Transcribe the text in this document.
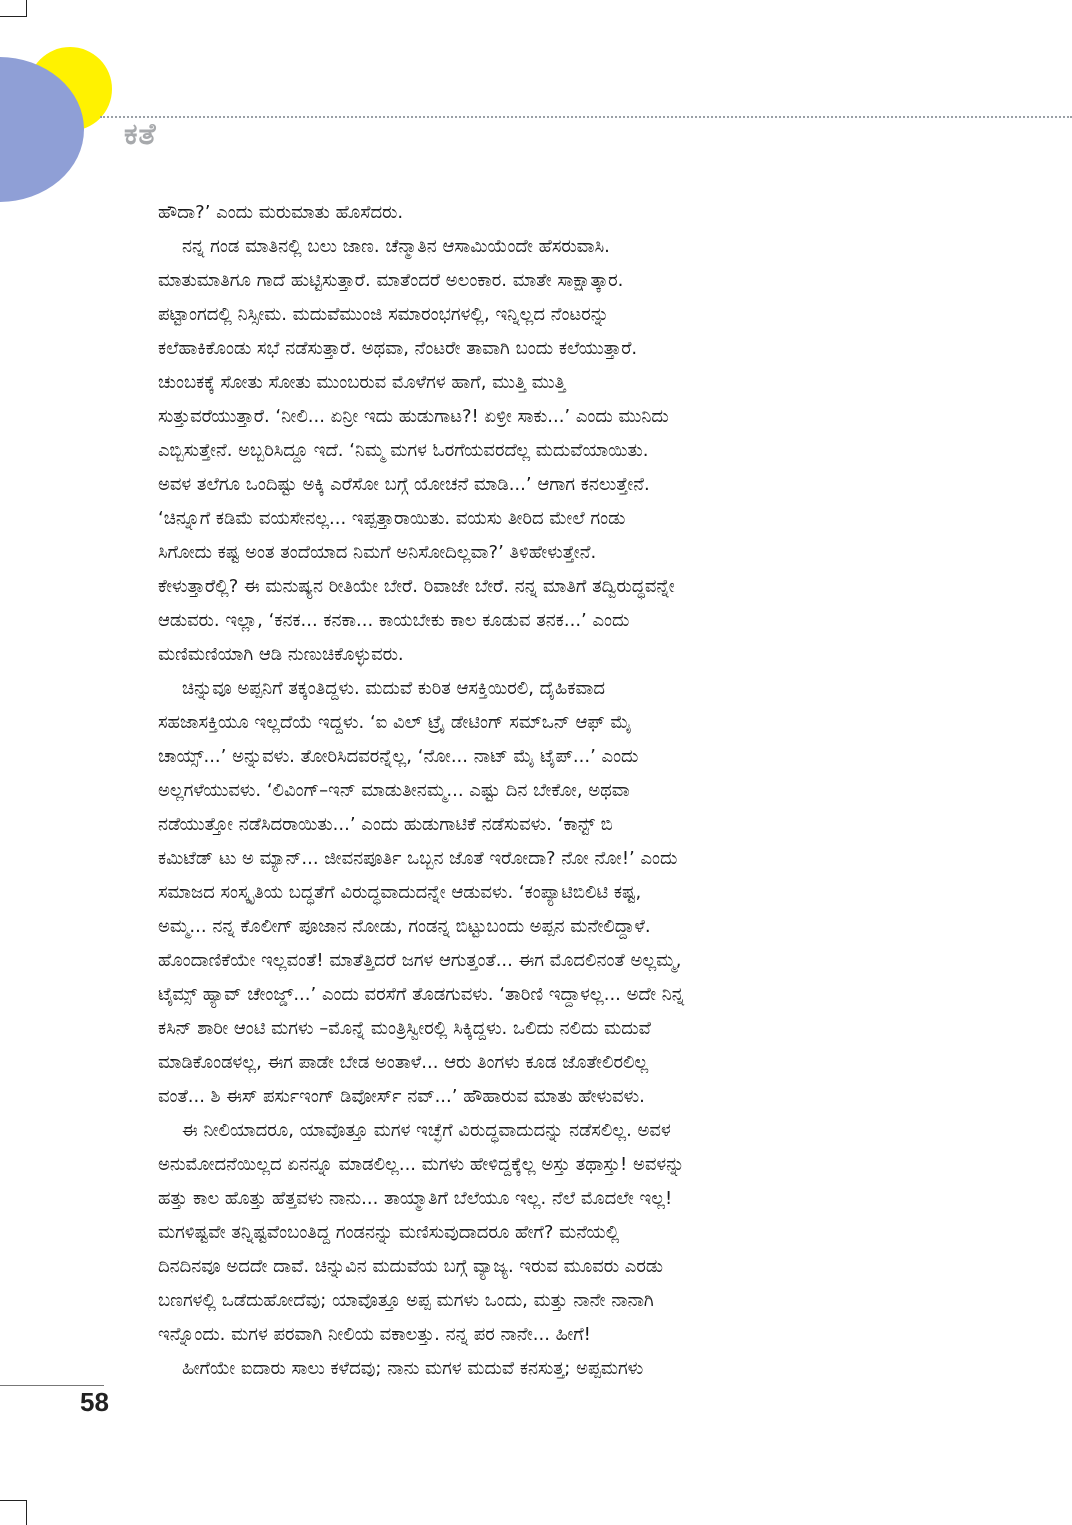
ಕತೆ
ಹೌದಾ?’ ಎಂದು ಮರುಮಾತು ಹೊಸೆದರು.
ನನ್ನ ಗಂಡ ಮಾತಿನಲ್ಲಿ ಬಲು ಜಾಣ. ಚೆನ್ಮಾತಿನ ಆಸಾಮಿಯೆಂದೇ ಹೆಸರುವಾಸಿ.
ಮಾತುಮಾತಿಗೂ ಗಾದೆ ಹುಟ್ಟಿಸುತ್ತಾರೆ. ಮಾತೆಂದರೆ ಅಲಂಕಾರ. ಮಾತೇ ಸಾಕ್ಷಾತ್ಕಾರ.
ಪಟ್ಟಾಂಗದಲ್ಲಿ ನಿಸ್ಸೀಮ. ಮದುವೆಮುಂಜಿ ಸಮಾರಂಭಗಳಲ್ಲಿ, ಇನ್ನಿಲ್ಲದ ನೆಂಟರನ್ನು
ಕಲೆಹಾಕಿಕೊಂಡು ಸಭೆ ನಡೆಸುತ್ತಾರೆ. ಅಥವಾ, ನೆಂಟರೇ ತಾವಾಗಿ ಬಂದು ಕಲೆಯುತ್ತಾರೆ.
ಚುಂಬಕಕ್ಕೆ ಸೋತು ಸೋತು ಮುಂಬರುವ ಮೊಳೆಗಳ ಹಾಗೆ, ಮುತ್ತಿ ಮುತ್ತಿ
ಸುತ್ತುವರೆಯುತ್ತಾರೆ. ‘ನೀಲಿ... ಏನ್ರೀ ಇದು ಹುಡುಗಾಟ?! ಏಳ್ರೀ ಸಾಕು...’ ಎಂದು ಮುನಿದು
ಎಬ್ಬಿಸುತ್ತೇನೆ. ಅಬ್ಬರಿಸಿದ್ದೂ ಇದೆ. ‘ನಿಮ್ಮ ಮಗಳ ಓರಗೆಯವರದೆಲ್ಲ ಮದುವೆಯಾಯಿತು.
ಅವಳ ತಲೆಗೂ ಒಂದಿಷ್ಟು ಅಕ್ಕಿ ಎರೆಸೋ ಬಗ್ಗೆ ಯೋಚನೆ ಮಾಡಿ...’ ಆಗಾಗ ಕನಲುತ್ತೇನೆ.
‘ಚಿನ್ನೂಗೆ ಕಡಿಮೆ ವಯಸೇನಲ್ಲ... ಇಪ್ಪತ್ತಾರಾಯಿತು. ವಯಸು ತೀರಿದ ಮೇಲೆ ಗಂಡು
ಸಿಗೋದು ಕಷ್ಟ ಅಂತ ತಂದೆಯಾದ ನಿಮಗೆ ಅನಿಸೋದಿಲ್ಲವಾ?’ ತಿಳಿಹೇಳುತ್ತೇನೆ.
ಕೇಳುತ್ತಾರೆಲ್ಲಿ? ಈ ಮನುಷ್ಯನ ರೀತಿಯೇ ಬೇರೆ. ರಿವಾಜೇ ಬೇರೆ. ನನ್ನ ಮಾತಿಗೆ ತದ್ವಿರುದ್ಧವನ್ನೇ
ಆಡುವರು. ಇಲ್ಲಾ, ‘ಕನಕ... ಕನಕಾ... ಕಾಯಬೇಕು ಕಾಲ ಕೂಡುವ ತನಕ...’ ಎಂದು
ಮಣಿಮಣಿಯಾಗಿ ಆಡಿ ನುಣುಚಿಕೊಳ್ಳುವರು.
ಚಿನ್ನುವೂ ಅಪ್ಪನಿಗೆ ತಕ್ಕಂತಿದ್ದಳು. ಮದುವೆ ಕುರಿತ ಆಸಕ್ತಿಯಿರಲಿ, ದೈಹಿಕವಾದ
ಸಹಜಾಸಕ್ತಿಯೂ ಇಲ್ಲದೆಯೆ ಇದ್ದಳು. ‘ಐ ವಿಲ್ ಟ್ರೈ ಡೇಟಿಂಗ್ ಸಮ್‌ಒನ್ ಆಫ್ ಮೈ
ಚಾಯ್ಸ್...’ ಅನ್ನುವಳು. ತೋರಿಸಿದವರನ್ನೆಲ್ಲ, ‘ನೋ... ನಾಟ್ ಮೈ ಟೈಪ್...’ ಎಂದು
ಅಲ್ಲಗಳೆಯುವಳು. ‘ಲಿವಿಂಗ್–ಇನ್ ಮಾಡುತೀನಮ್ಮ... ಎಷ್ಟು ದಿನ ಬೇಕೋ, ಅಥವಾ
ನಡೆಯುತ್ತೋ ನಡೆಸಿದರಾಯಿತು...’ ಎಂದು ಹುಡುಗಾಟಿಕೆ ನಡೆಸುವಳು. ‘ಕಾನ್ಟ್ ಬಿ
ಕಮಿಟೆಡ್ ಟು ಅ ಮ್ಯಾನ್... ಜೀವನಪೂರ್ತಿ ಒಬ್ಬನ ಜೊತೆ ಇರೋದಾ? ನೋ ನೋ!’ ಎಂದು
ಸಮಾಜದ ಸಂಸ್ಕೃತಿಯ ಬದ್ಧತೆಗೆ ವಿರುದ್ಧವಾದುದನ್ನೇ ಆಡುವಳು. ‘ಕಂಪ್ಯಾಟಿಬಿಲಿಟಿ ಕಷ್ಟ,
ಅಮ್ಮ... ನನ್ನ ಕೊಲೀಗ್ ಪೂಜಾನ ನೋಡು, ಗಂಡನ್ನ ಬಿಟ್ಟುಬಂದು ಅಪ್ಪನ ಮನೇಲಿದ್ದಾಳೆ.
ಹೊಂದಾಣಿಕೆಯೇ ಇಲ್ಲವಂತೆ! ಮಾತೆತ್ತಿದರೆ ಜಗಳ ಆಗುತ್ತಂತೆ... ಈಗ ಮೊದಲಿನಂತೆ ಅಲ್ಲಮ್ಮ,
ಟೈಮ್ಸ್ ಹ್ಯಾವ್ ಚೇಂಜ್ಡ್...’ ಎಂದು ವರಸೆಗೆ ತೊಡಗುವಳು. ‘ತಾರಿಣಿ ಇದ್ದಾಳಲ್ಲ... ಅದೇ ನಿನ್ನ
ಕಸಿನ್ ಶಾರೀ ಆಂಟಿ ಮಗಳು –ಮೊನ್ನೆ ಮಂತ್ರಿಸ್ವೀರಲ್ಲಿ ಸಿಕ್ಕಿದ್ದಳು. ಒಲಿದು ನಲಿದು ಮದುವೆ
ಮಾಡಿಕೊಂಡಳಲ್ಲ, ಈಗ ಪಾಡೇ ಬೇಡ ಅಂತಾಳೆ... ಆರು ತಿಂಗಳು ಕೂಡ ಜೊತೇಲಿರಲಿಲ್ಲ
ವಂತೆ... ಶಿ ಈಸ್ ಪರ್ಸುಇಂಗ್ ಡಿವೋರ್ಸ್ ನವ್...’ ಹೌಹಾರುವ ಮಾತು ಹೇಳುವಳು.
ಈ ನೀಲಿಯಾದರೂ, ಯಾವೊತ್ತೂ ಮಗಳ ಇಚ್ಛೆಗೆ ವಿರುದ್ಧವಾದುದನ್ನು ನಡೆಸಲಿಲ್ಲ. ಅವಳ
ಅನುಮೋದನೆಯಿಲ್ಲದ ಏನನ್ನೂ ಮಾಡಲಿಲ್ಲ... ಮಗಳು ಹೇಳಿದ್ದಕ್ಕೆಲ್ಲ ಅಸ್ತು ತಥಾಸ್ತು! ಅವಳನ್ನು
ಹತ್ತು ಕಾಲ ಹೊತ್ತು ಹೆತ್ತವಳು ನಾನು... ತಾಯ್ಮಾತಿಗೆ ಬೆಲೆಯೂ ಇಲ್ಲ. ನೆಲೆ ಮೊದಲೇ ಇಲ್ಲ!
ಮಗಳಿಷ್ಟವೇ ತನ್ನಿಷ್ಟವೆಂಬಂತಿದ್ದ ಗಂಡನನ್ನು ಮಣಿಸುವುದಾದರೂ ಹೇಗೆ? ಮನೆಯಲ್ಲಿ
ದಿನದಿನವೂ ಅದದೇ ದಾವೆ. ಚಿನ್ನುವಿನ ಮದುವೆಯ ಬಗ್ಗೆ ವ್ಯಾಜ್ಯ. ಇರುವ ಮೂವರು ಎರಡು
ಬಣಗಳಲ್ಲಿ ಒಡೆದುಹೋದೆವು; ಯಾವೊತ್ತೂ ಅಪ್ಪ ಮಗಳು ಒಂದು, ಮತ್ತು ನಾನೇ ನಾನಾಗಿ
ಇನ್ನೊಂದು. ಮಗಳ ಪರವಾಗಿ ನೀಲಿಯ ವಕಾಲತ್ತು. ನನ್ನ ಪರ ನಾನೇ... ಹೀಗೆ!
ಹೀಗೆಯೇ ಐದಾರು ಸಾಲು ಕಳೆದವು; ನಾನು ಮಗಳ ಮದುವೆ ಕನಸುತ್ತ; ಅಪ್ಪಮಗಳು
58
